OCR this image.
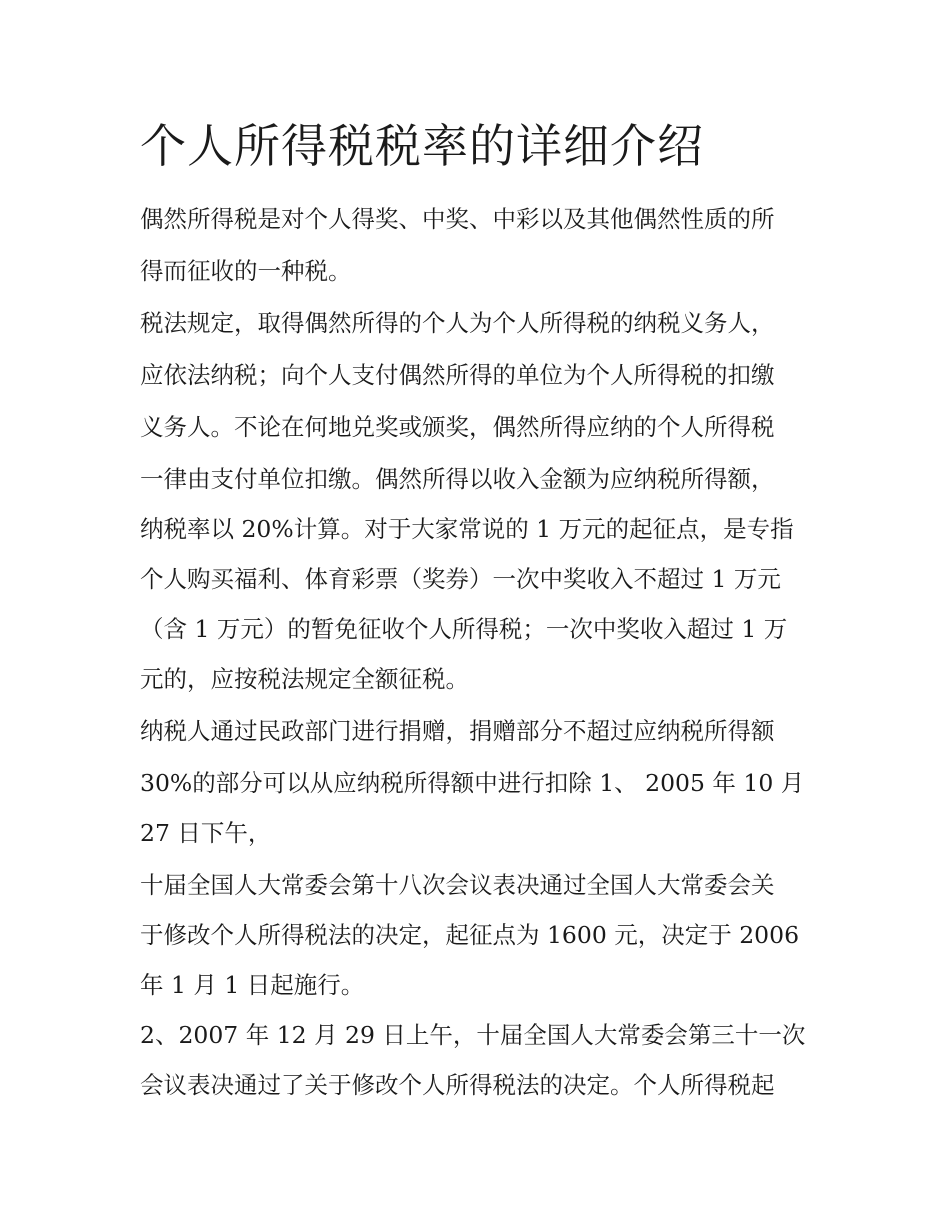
个人所得税税率的详细介绍

偶然所得税是对个人得奖、中奖、中彩以及其他偶然性质的所

得而征收的一种税。

税法规定，取得偶然所得的个人为个人所得税的纳税义务人，

应依法纳税；向个人支付偶然所得的单位为个人所得税的扣缴

义务人。不论在何地兑奖或颁奖，偶然所得应纳的个人所得税

一律由支付单位扣缴。偶然所得以收入金额为应纳税所得额，

纳税率以 20%计算。对于大家常说的 1 万元的起征点，是专指

个人购买福利、体育彩票（奖券）一次中奖收入不超过 1 万元

（含 1 万元）的暂免征收个人所得税；一次中奖收入超过 1 万

元的，应按税法规定全额征税。

纳税人通过民政部门进行捐赠，捐赠部分不超过应纳税所得额

30%的部分可以从应纳税所得额中进行扣除 1、 2005 年 10 月

27 日下午，

十届全国人大常委会第十八次会议表决通过全国人大常委会关

于修改个人所得税法的决定，起征点为 1600 元，决定于 2006

年 1 月 1 日起施行。

2、2007 年 12 月 29 日上午，十届全国人大常委会第三十一次

会议表决通过了关于修改个人所得税法的决定。个人所得税起
